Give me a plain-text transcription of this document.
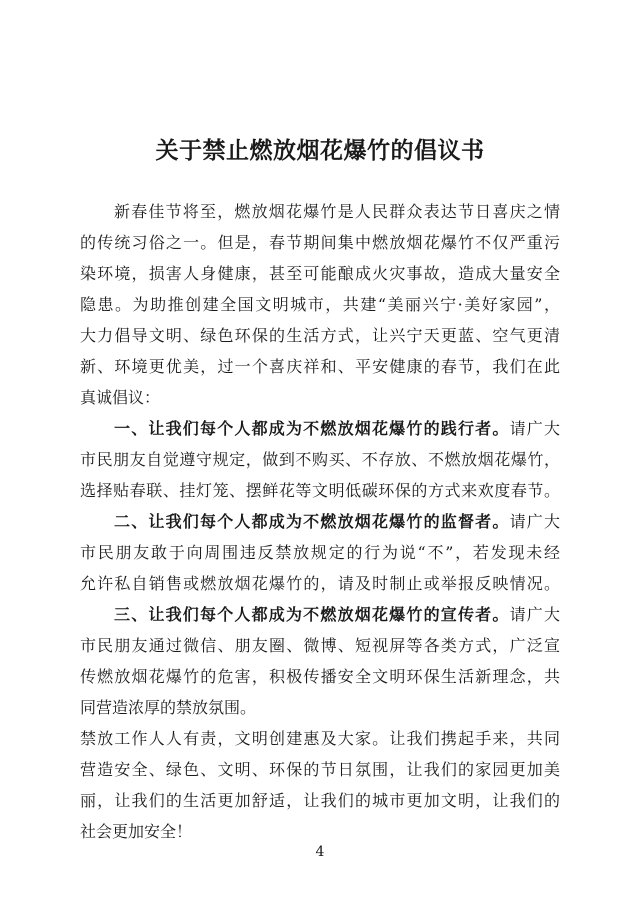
关于禁止燃放烟花爆竹的倡议书
新春佳节将至，燃放烟花爆竹是人民群众表达节日喜庆之情
的传统习俗之一。但是，春节期间集中燃放烟花爆竹不仅严重污
染环境，损害人身健康，甚至可能酿成火灾事故，造成大量安全
隐患。为助推创建全国文明城市，共建“美丽兴宁·美好家园”，
大力倡导文明、绿色环保的生活方式，让兴宁天更蓝、空气更清
新、环境更优美，过一个喜庆祥和、平安健康的春节，我们在此
真诚倡议：
一、让我们每个人都成为不燃放烟花爆竹的践行者。请广大
市民朋友自觉遵守规定，做到不购买、不存放、不燃放烟花爆竹，
选择贴春联、挂灯笼、摆鲜花等文明低碳环保的方式来欢度春节。
二、让我们每个人都成为不燃放烟花爆竹的监督者。请广大
市民朋友敢于向周围违反禁放规定的行为说“不”，若发现未经
允许私自销售或燃放烟花爆竹的，请及时制止或举报反映情况。
三、让我们每个人都成为不燃放烟花爆竹的宣传者。请广大
市民朋友通过微信、朋友圈、微博、短视屏等各类方式，广泛宣
传燃放烟花爆竹的危害，积极传播安全文明环保生活新理念，共
同营造浓厚的禁放氛围。
禁放工作人人有责，文明创建惠及大家。让我们携起手来，共同
营造安全、绿色、文明、环保的节日氛围，让我们的家园更加美
丽，让我们的生活更加舒适，让我们的城市更加文明，让我们的
社会更加安全！
4
